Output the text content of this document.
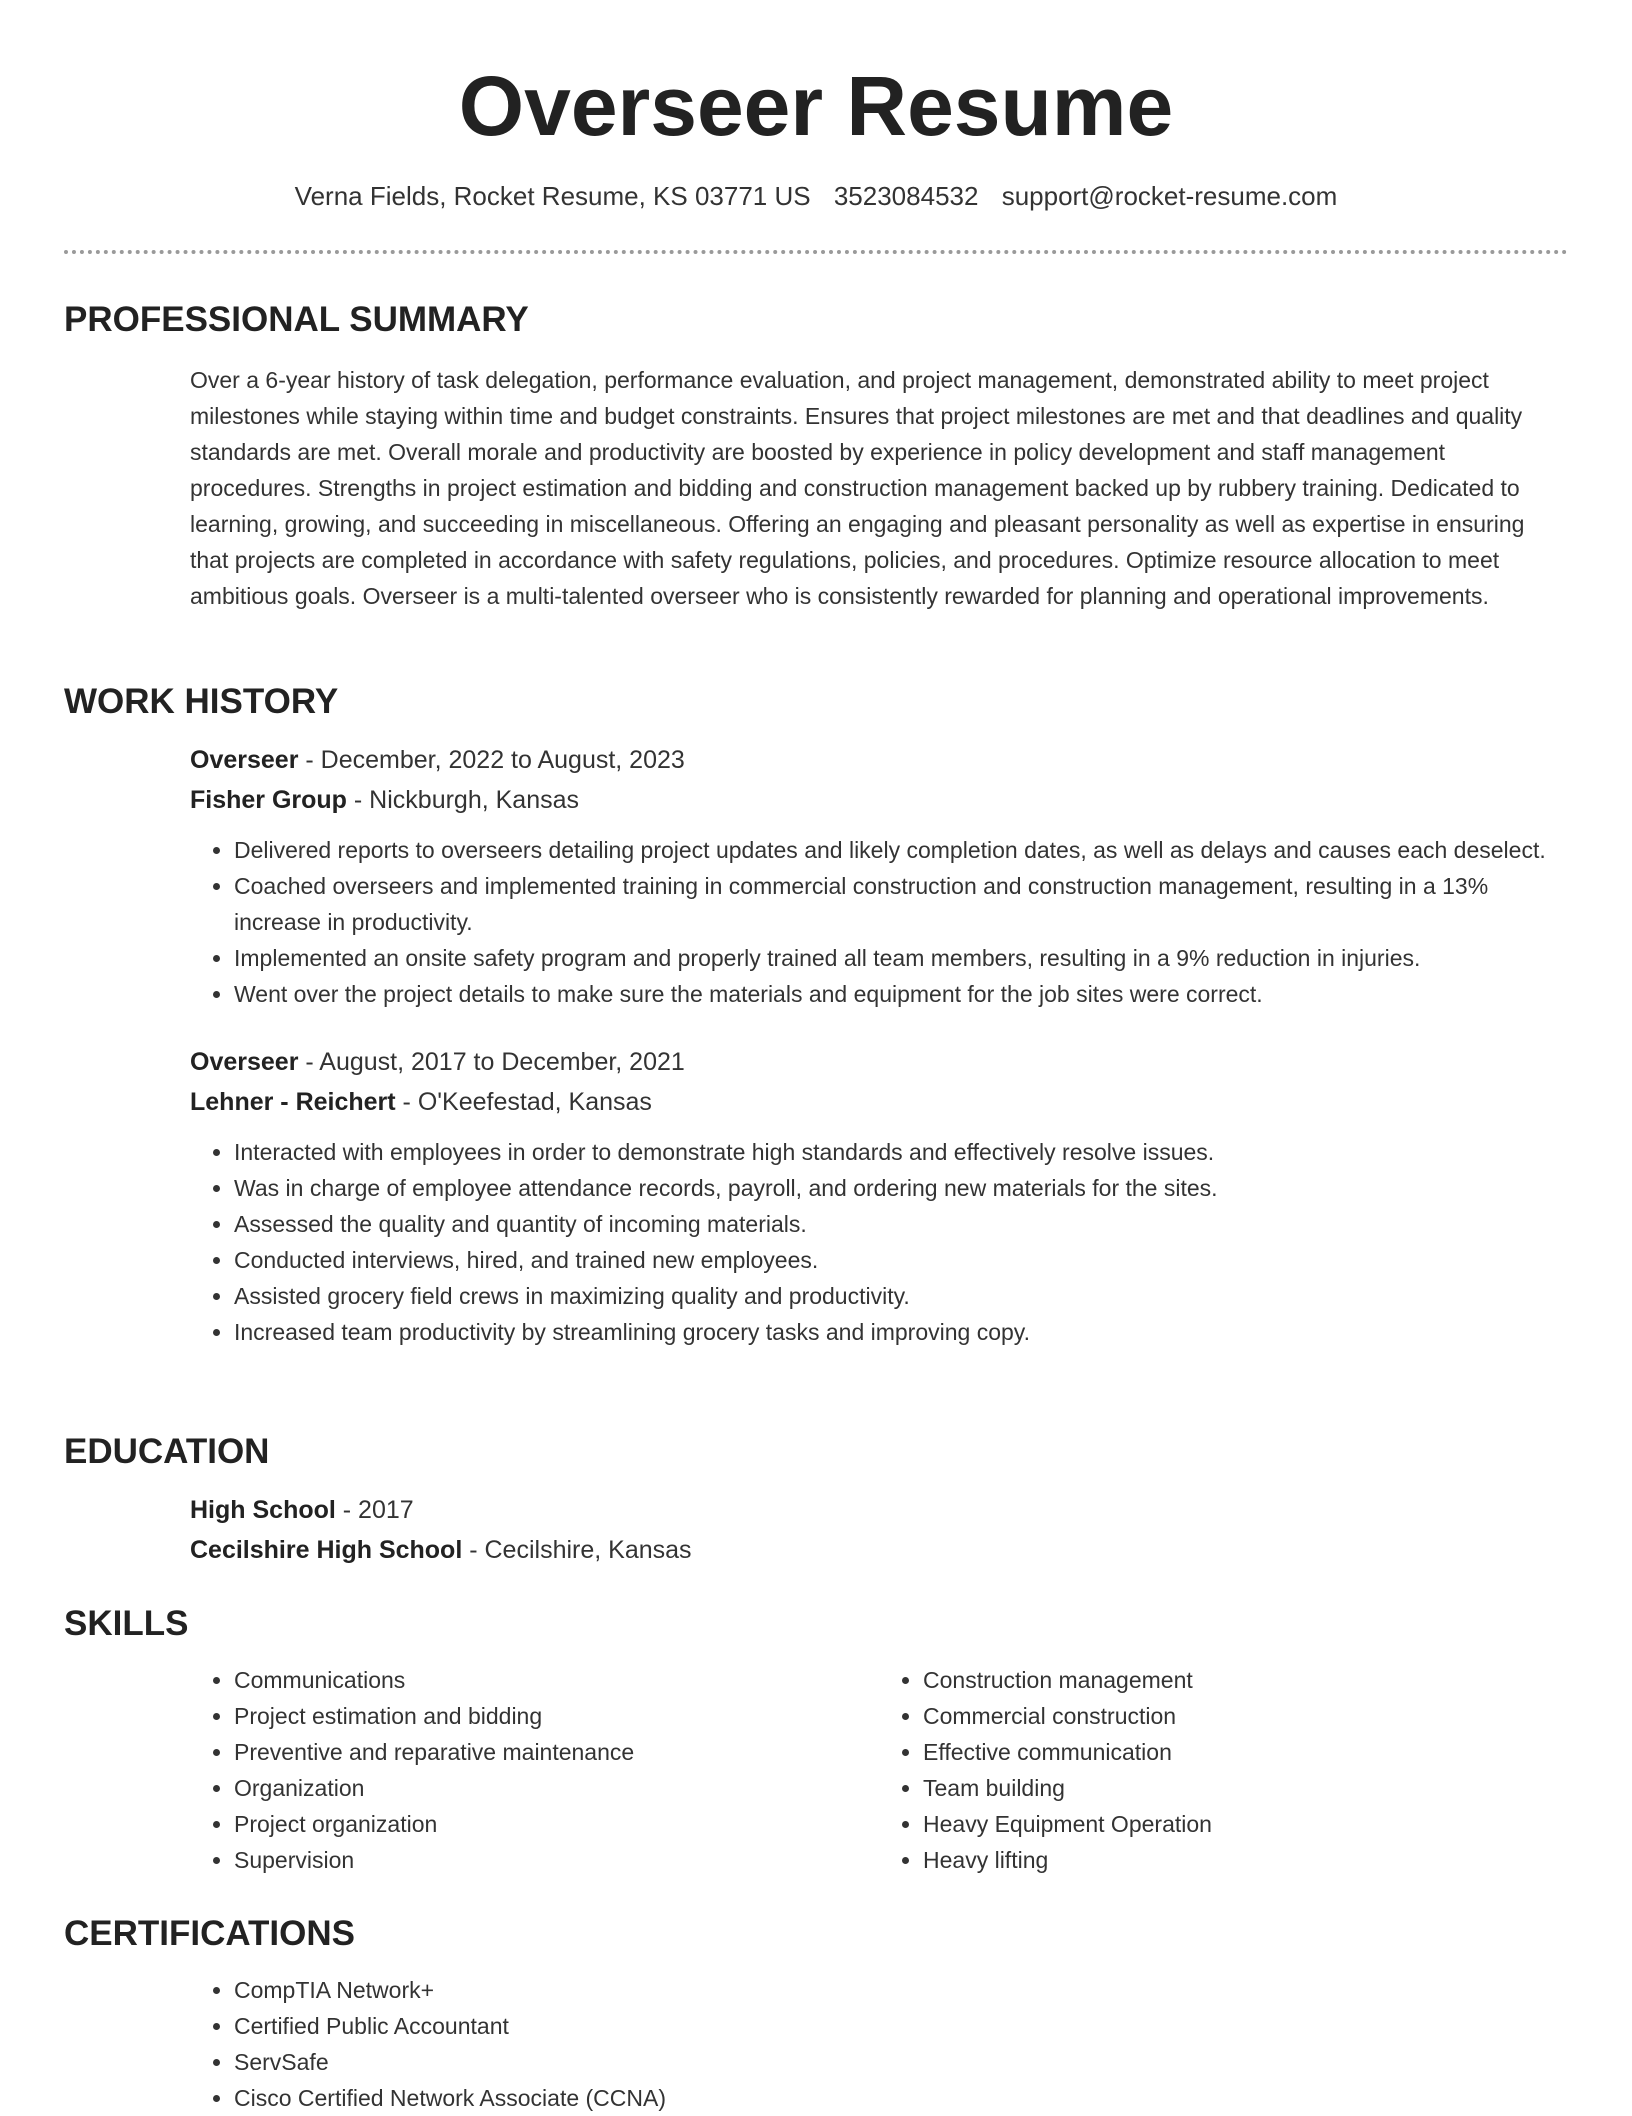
Overseer Resume
Verna Fields, Rocket Resume, KS 03771 US 3523084532 support@rocket-resume.com
PROFESSIONAL SUMMARY

Over a 6-year history of task delegation, performance evaluation, and project management, demonstrated ability to meet project milestones while staying within time and budget constraints. Ensures that project milestones are met and that deadlines and quality standards are met. Overall morale and productivity are boosted by experience in policy development and staff management procedures. Strengths in project estimation and bidding and construction management backed up by rubbery training. Dedicated to learning, growing, and succeeding in miscellaneous. Offering an engaging and pleasant personality as well as expertise in ensuring that projects are completed in accordance with safety regulations, policies, and procedures. Optimize resource allocation to meet ambitious goals. Overseer is a multi-talented overseer who is consistently rewarded for planning and operational improvements.

WORK HISTORY
Overseer - December, 2022 to August, 2023
Fisher Group - Nickburgh, Kansas
• Delivered reports to overseers detailing project updates and likely completion dates, as well as delays and causes each deselect.
• Coached overseers and implemented training in commercial construction and construction management, resulting in a 13% increase in productivity.
• Implemented an onsite safety program and properly trained all team members, resulting in a 9% reduction in injuries.
• Went over the project details to make sure the materials and equipment for the job sites were correct.
Overseer - August, 2017 to December, 2021
Lehner - Reichert - O'Keefestad, Kansas
• Interacted with employees in order to demonstrate high standards and effectively resolve issues.
• Was in charge of employee attendance records, payroll, and ordering new materials for the sites.
• Assessed the quality and quantity of incoming materials.
• Conducted interviews, hired, and trained new employees.
• Assisted grocery field crews in maximizing quality and productivity.
• Increased team productivity by streamlining grocery tasks and improving copy.
EDUCATION
High School - 2017
Cecilshire High School - Cecilshire, Kansas
SKILLS
• Communications
• Project estimation and bidding
• Preventive and reparative maintenance
• Organization
• Project organization
• Supervision
• Construction management
• Commercial construction
• Effective communication
• Team building
• Heavy Equipment Operation
• Heavy lifting
CERTIFICATIONS
• CompTIA Network+
• Certified Public Accountant
• ServSafe
• Cisco Certified Network Associate (CCNA)
